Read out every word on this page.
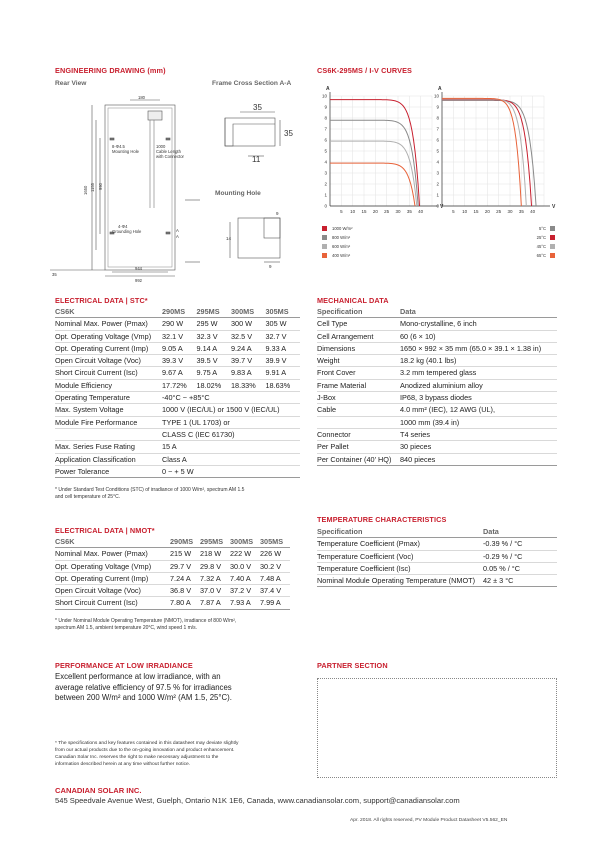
ENGINEERING DRAWING (mm)
Rear View	Frame Cross Section A-A
Mounting Hole
180
1650 1155 990
35
944
992
8-Φ4.5
Mounting Hole
1000
Cable Length
with Connector
4-Φ4
Grounding Hole	A
A
35
35
11
9
14
9
CS6K-295MS / I-V CURVES
0
1
2
3
4
5
6
7
8
9
10
5 10 15 20 25 30 35 40
A
V
0
1
2
3
4
5
6
7
8
9
10
5 10 15 20 25 30 35 40
A
V
1000 W/m²
800 W/m²
600 W/m²
400 W/m²
5°C
25°C
45°C
65°C
ELECTRICAL DATA | STC*
CS6K	290MS	295MS	300MS	305MS
Nominal Max. Power (Pmax)	290 W	295 W	300 W	305 W
Opt. Operating Voltage (Vmp)	32.1 V	32.3 V	32.5 V	32.7 V
Opt. Operating Current (Imp)	9.05 A	9.14 A	9.24 A	9.33 A
Open Circuit Voltage (Voc)	39.3 V	39.5 V	39.7 V	39.9 V
Short Circuit Current (Isc)	9.67 A	9.75 A	9.83 A	9.91 A
Module Efficiency	17.72%	18.02%	18.33%	18.63%
Operating Temperature	-40°C ~ +85°C			
Max. System Voltage	1000 V (IEC/UL) or 1500 V (IEC/UL)			
Module Fire Performance	TYPE 1 (UL 1703) or			
	CLASS C (IEC 61730)			
Max. Series Fuse Rating	15 A			
Application Classification	Class A			
Power Tolerance	0 ~ + 5 W			
* Under Standard Test Conditions (STC) of irradiance of 1000 W/m², spectrum AM 1.5
and cell temperature of 25°C.
ELECTRICAL DATA | NMOT*
CS6K	290MS	295MS	300MS	305MS
Nominal Max. Power (Pmax)	215 W	218 W	222 W	226 W
Opt. Operating Voltage (Vmp)	29.7 V	29.8 V	30.0 V	30.2 V
Opt. Operating Current (Imp)	7.24 A	7.32 A	7.40 A	7.48 A
Open Circuit Voltage (Voc)	36.8 V	37.0 V	37.2 V	37.4 V
Short Circuit Current (Isc)	7.80 A	7.87 A	7.93 A	7.99 A
* Under Nominal Module Operating Temperature (NMOT), irradiance of 800 W/m²,
spectrum AM 1.5, ambient temperature 20°C, wind speed 1 m/s.
MECHANICAL DATA
Specification	Data
Cell Type	Mono-crystalline, 6 inch
Cell Arrangement	60 (6 × 10)
Dimensions	1650 × 992 × 35 mm (65.0 × 39.1 × 1.38 in)
Weight	18.2 kg (40.1 lbs)
Front Cover	3.2 mm tempered glass
Frame Material	Anodized aluminium alloy
J-Box	IP68, 3 bypass diodes
Cable	4.0 mm² (IEC), 12 AWG (UL),
	1000 mm (39.4 in)
Connector	T4 series
Per Pallet	30 pieces
Per Container (40' HQ)	840 pieces
TEMPERATURE CHARACTERISTICS
Specification	Data
Temperature Coefficient (Pmax)	-0.39 % / °C
Temperature Coefficient (Voc)	-0.29 % / °C
Temperature Coefficient (Isc)	0.05 % / °C
Nominal Module Operating Temperature (NMOT)	42 ± 3 °C
PERFORMANCE AT LOW IRRADIANCE
Excellent performance at low irradiance, with an
average relative efficiency of 97.5 % for irradiances
between 200 W/m² and 1000 W/m² (AM 1.5, 25°C).
PARTNER SECTION
* The specifications and key features contained in this datasheet may deviate slightly
from our actual products due to the on-going innovation and product enhancement.
Canadian Solar Inc. reserves the right to make necessary adjustment to the
information described herein at any time without further notice.
CANADIAN SOLAR INC.
545 Speedvale Avenue West, Guelph, Ontario N1K 1E6, Canada, www.canadiansolar.com, support@canadiansolar.com
Apr. 2018. All rights reserved, PV Module Product Datasheet V5.562_EN
